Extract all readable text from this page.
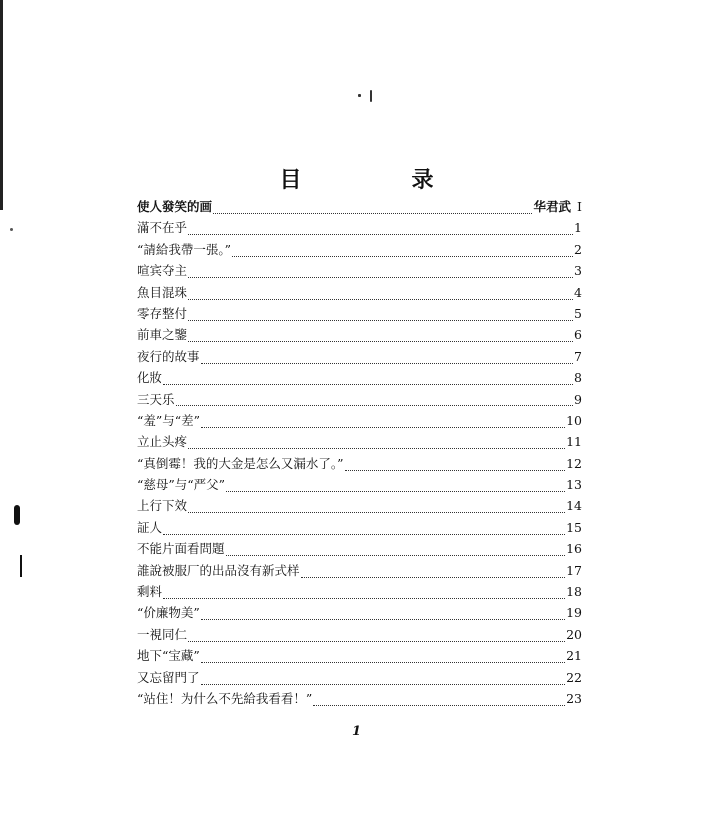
目　录
使人發笑的画	华君武 I
滿不在乎	1
“請給我帶一張。”	2
喧宾夺主	3
魚目混珠	4
零存整付	5
前車之鑒	6
夜行的故事	7
化妝	8
三天乐	9
“羞”与“差”	10
立止头疼	11
“真倒霉！我的大金是怎么又漏水了。”	12
“慈母”与“严父”	13
上行下效	14
証人	15
不能片面看問題	16
誰說被服厂的出品沒有新式样	17
剩料	18
“价廉物美”	19
一視同仁	20
地下“宝藏”	21
又忘留門了	22
“站住！为什么不先給我看看！”	23
1
